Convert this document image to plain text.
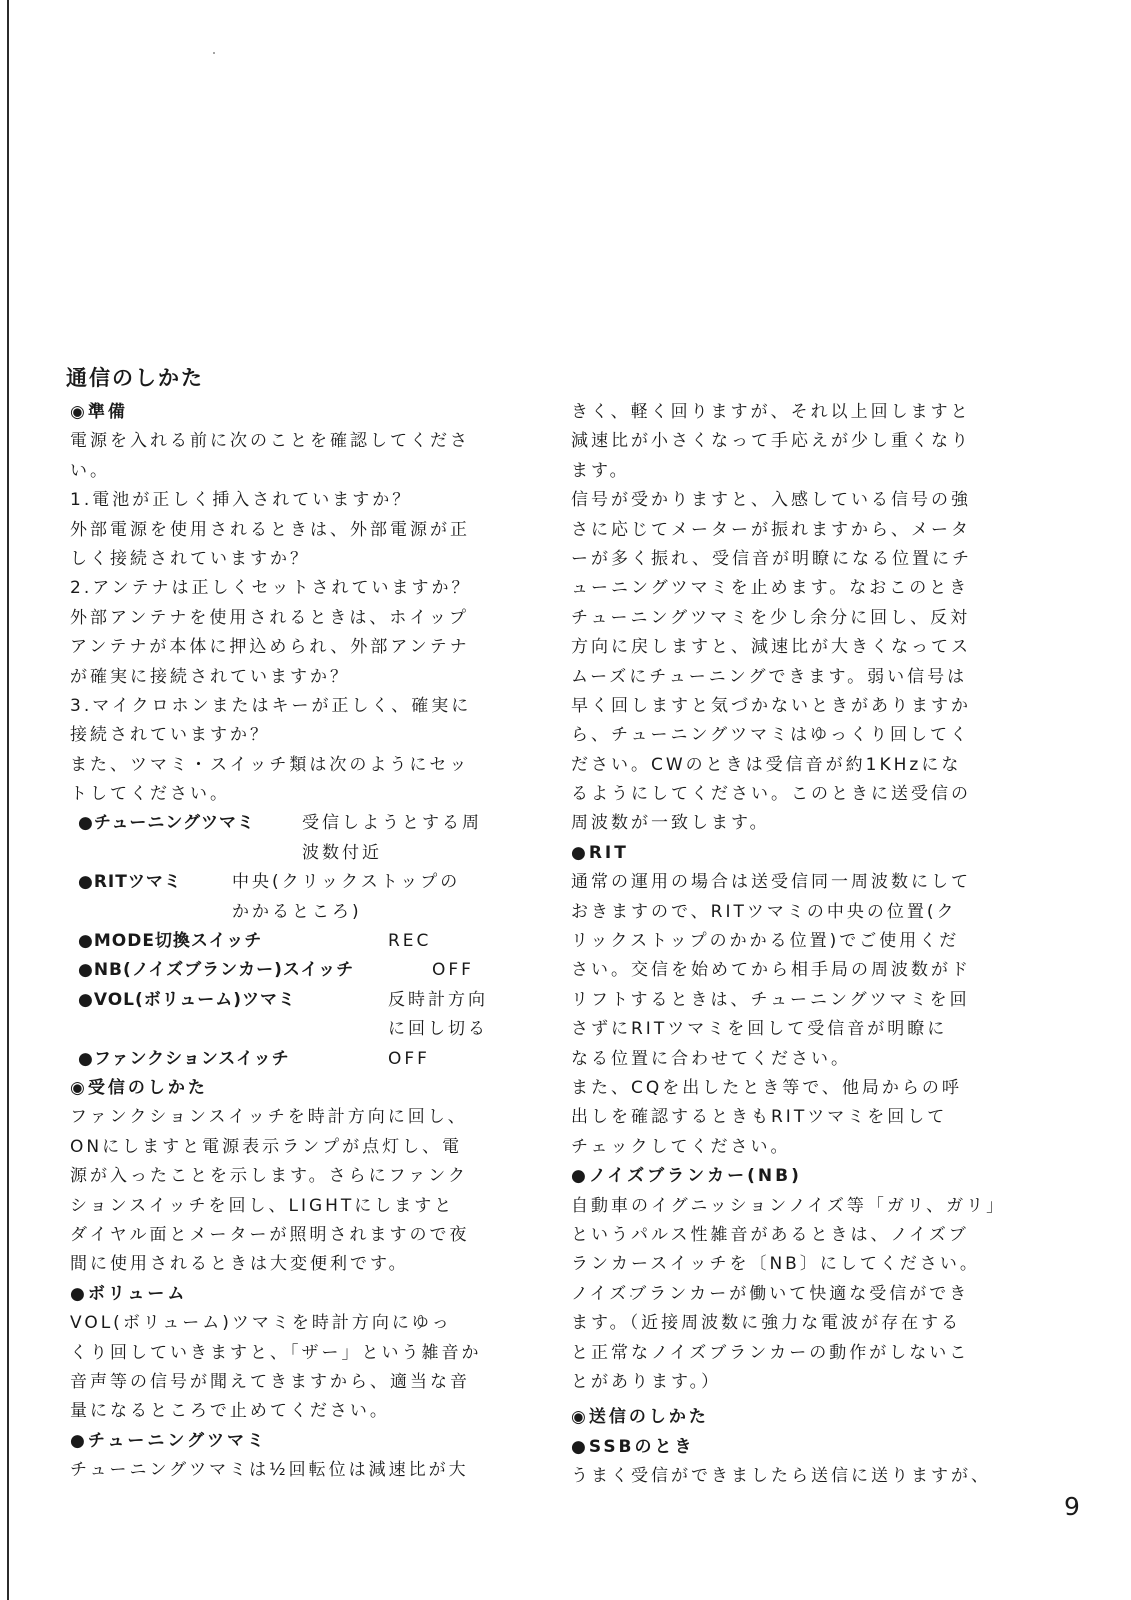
通信のしかた
◉準備
電源を入れる前に次のことを確認してくださ
い。
1.電池が正しく挿入されていますか？
外部電源を使用されるときは、外部電源が正
しく接続されていますか？
2.アンテナは正しくセットされていますか？
外部アンテナを使用されるときは、ホイップ
アンテナが本体に押込められ、外部アンテナ
が確実に接続されていますか？
3.マイクロホンまたはキーが正しく、確実に
接続されていますか？
また、ツマミ・スイッチ類は次のようにセッ
トしてください。
●チューニングツマミ	受信しようとする周
波数付近
●RITツマミ	中央(クリックストップの
かかるところ)
●MODE切換スイッチ	REC
●NB(ノイズブランカー)スイッチ	OFF
●VOL(ボリューム)ツマミ	反時計方向
に回し切る
●ファンクションスイッチ	OFF
◉受信のしかた
ファンクションスイッチを時計方向に回し、
ONにしますと電源表示ランプが点灯し、電
源が入ったことを示します。さらにファンク
ションスイッチを回し、LIGHTにしますと
ダイヤル面とメーターが照明されますので夜
間に使用されるときは大変便利です。
●ボリューム
VOL(ボリューム)ツマミを時計方向にゆっ
くり回していきますと、「ザー」という雑音か
音声等の信号が聞えてきますから、適当な音
量になるところで止めてください。
●チューニングツマミ
チューニングツマミは½回転位は減速比が大
きく、軽く回りますが、それ以上回しますと
減速比が小さくなって手応えが少し重くなり
ます。
信号が受かりますと、入感している信号の強
さに応じてメーターが振れますから、メータ
ーが多く振れ、受信音が明瞭になる位置にチ
ューニングツマミを止めます。なおこのとき
チューニングツマミを少し余分に回し、反対
方向に戻しますと、減速比が大きくなってス
ムーズにチューニングできます。弱い信号は
早く回しますと気づかないときがありますか
ら、チューニングツマミはゆっくり回してく
ださい。CWのときは受信音が約1KHzにな
るようにしてください。このときに送受信の
周波数が一致します。
●RIT
通常の運用の場合は送受信同一周波数にして
おきますので、RITツマミの中央の位置(ク
リックストップのかかる位置)でご使用くだ
さい。交信を始めてから相手局の周波数がド
リフトするときは、チューニングツマミを回
さずにRITツマミを回して受信音が明瞭に
なる位置に合わせてください。
また、CQを出したとき等で、他局からの呼
出しを確認するときもRITツマミを回して
チェックしてください。
●ノイズブランカー(NB)
自動車のイグニッションノイズ等「ガリ、ガリ」
というパルス性雑音があるときは、ノイズブ
ランカースイッチを〔NB〕にしてください。
ノイズブランカーが働いて快適な受信ができ
ます。（近接周波数に強力な電波が存在する
と正常なノイズブランカーの動作がしないこ
とがあります。）
◉送信のしかた
●SSBのとき
うまく受信ができましたら送信に送りますが、
9
